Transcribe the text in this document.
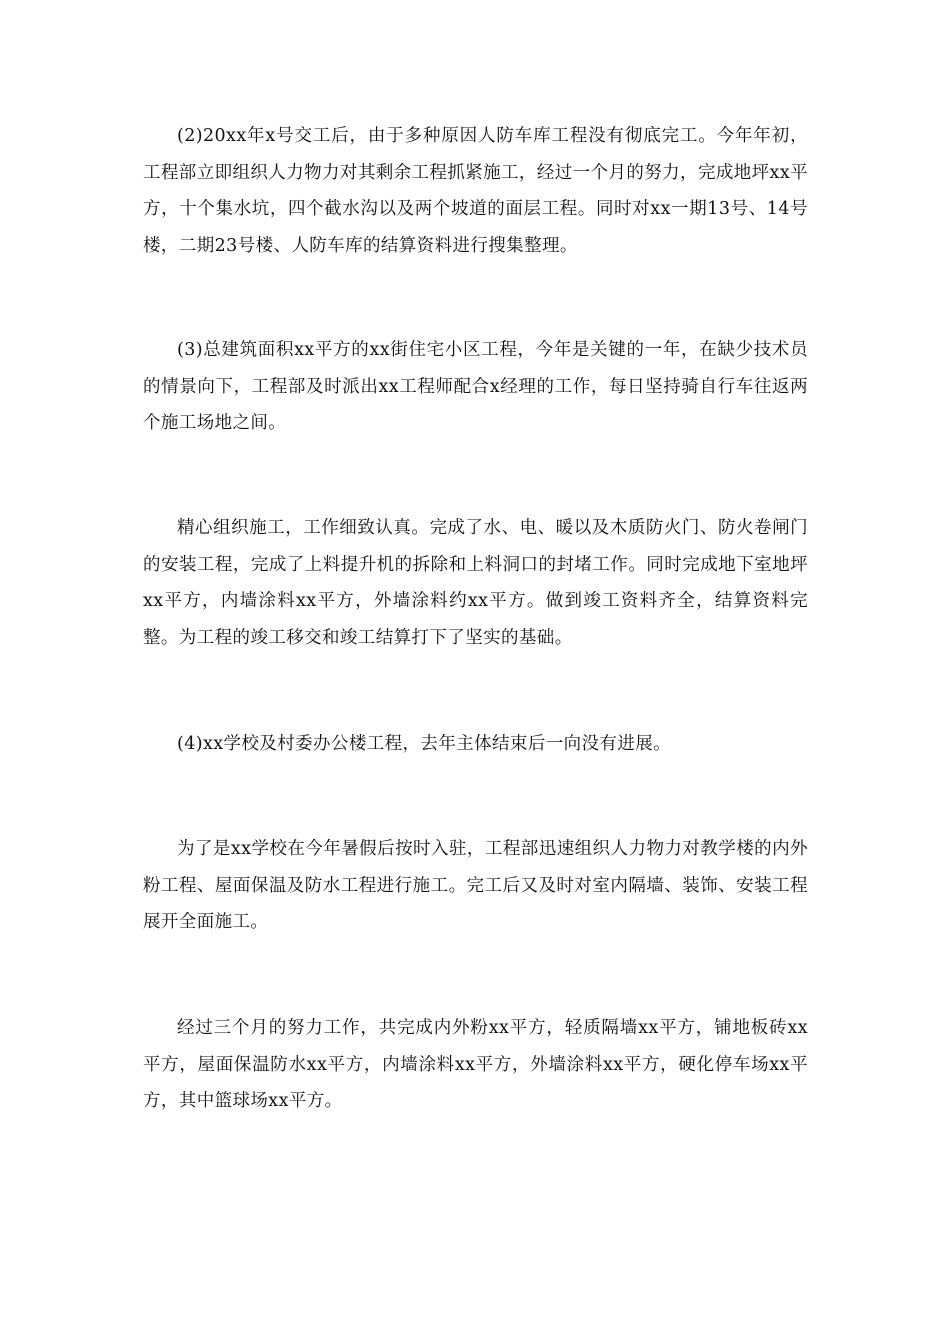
(2)20xx年x号交工后，由于多种原因人防车库工程没有彻底完工。今年年初，工程部立即组织人力物力对其剩余工程抓紧施工，经过一个月的努力，完成地坪xx平方，十个集水坑，四个截水沟以及两个坡道的面层工程。同时对xx一期13号、14号楼，二期23号楼、人防车库的结算资料进行搜集整理。

(3)总建筑面积xx平方的xx街住宅小区工程，今年是关键的一年，在缺少技术员的情景向下，工程部及时派出xx工程师配合x经理的工作，每日坚持骑自行车往返两个施工场地之间。

精心组织施工，工作细致认真。完成了水、电、暖以及木质防火门、防火卷闸门的安装工程，完成了上料提升机的拆除和上料洞口的封堵工作。同时完成地下室地坪xx平方，内墙涂料xx平方，外墙涂料约xx平方。做到竣工资料齐全，结算资料完整。为工程的竣工移交和竣工结算打下了坚实的基础。

(4)xx学校及村委办公楼工程，去年主体结束后一向没有进展。

为了是xx学校在今年暑假后按时入驻，工程部迅速组织人力物力对教学楼的内外粉工程、屋面保温及防水工程进行施工。完工后又及时对室内隔墙、装饰、安装工程展开全面施工。

经过三个月的努力工作，共完成内外粉xx平方，轻质隔墙xx平方，铺地板砖xx平方，屋面保温防水xx平方，内墙涂料xx平方，外墙涂料xx平方，硬化停车场xx平方，其中篮球场xx平方。
